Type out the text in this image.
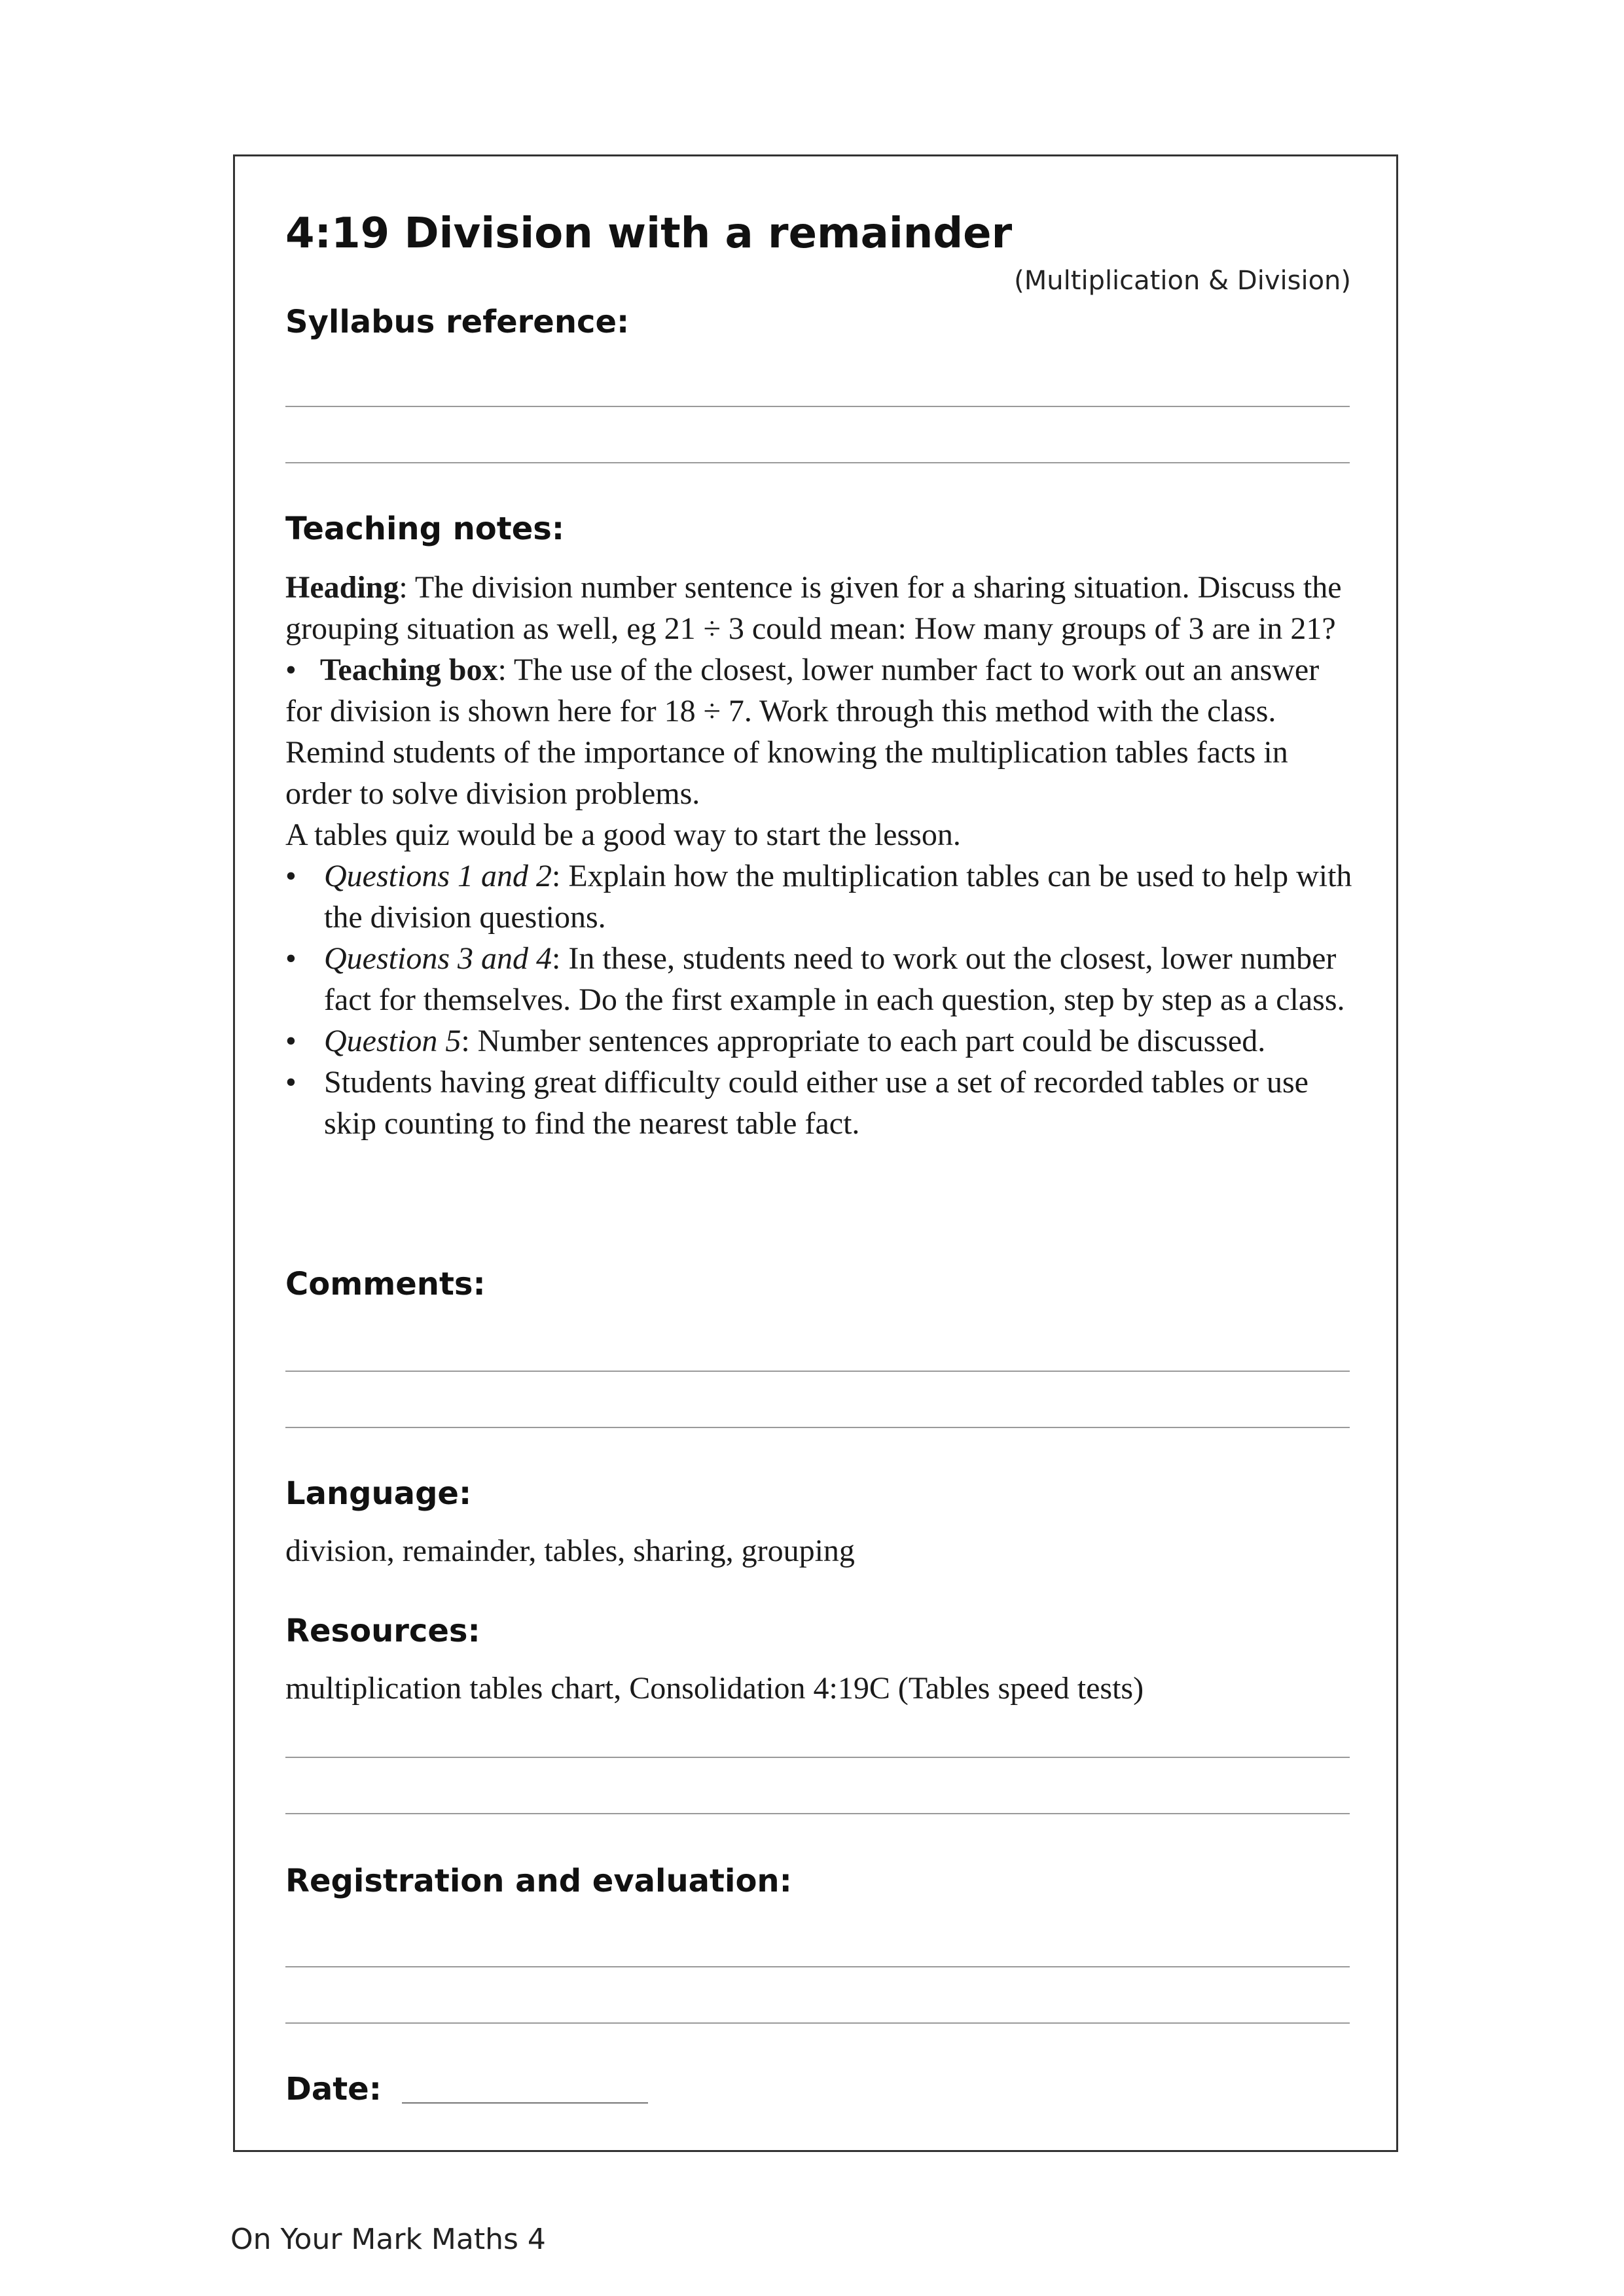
4:19 Division with a remainder
(Multiplication & Division)
Syllabus reference:
Teaching notes:

Heading: The division number sentence is given for a sharing situation. Discuss the grouping situation as well, eg 21 ÷ 3 could mean: How many groups of 3 are in 21?

• Teaching box: The use of the closest, lower number fact to work out an answer for division is shown here for 18 ÷ 7. Work through this method with the class. Remind students of the importance of knowing the multiplication tables facts in order to solve division problems.

A tables quiz would be a good way to start the lesson.

• Questions 1 and 2: Explain how the multiplication tables can be used to help with the division questions.
• Questions 3 and 4: In these, students need to work out the closest, lower number fact for themselves. Do the first example in each question, step by step as a class.
• Question 5: Number sentences appropriate to each part could be discussed.
• Students having great difficulty could either use a set of recorded tables or use skip counting to find the nearest table fact.
Comments:
Language:
division, remainder, tables, sharing, grouping
Resources:
multiplication tables chart, Consolidation 4:19C (Tables speed tests)
Registration and evaluation:
Date:
On Your Mark Maths 4
